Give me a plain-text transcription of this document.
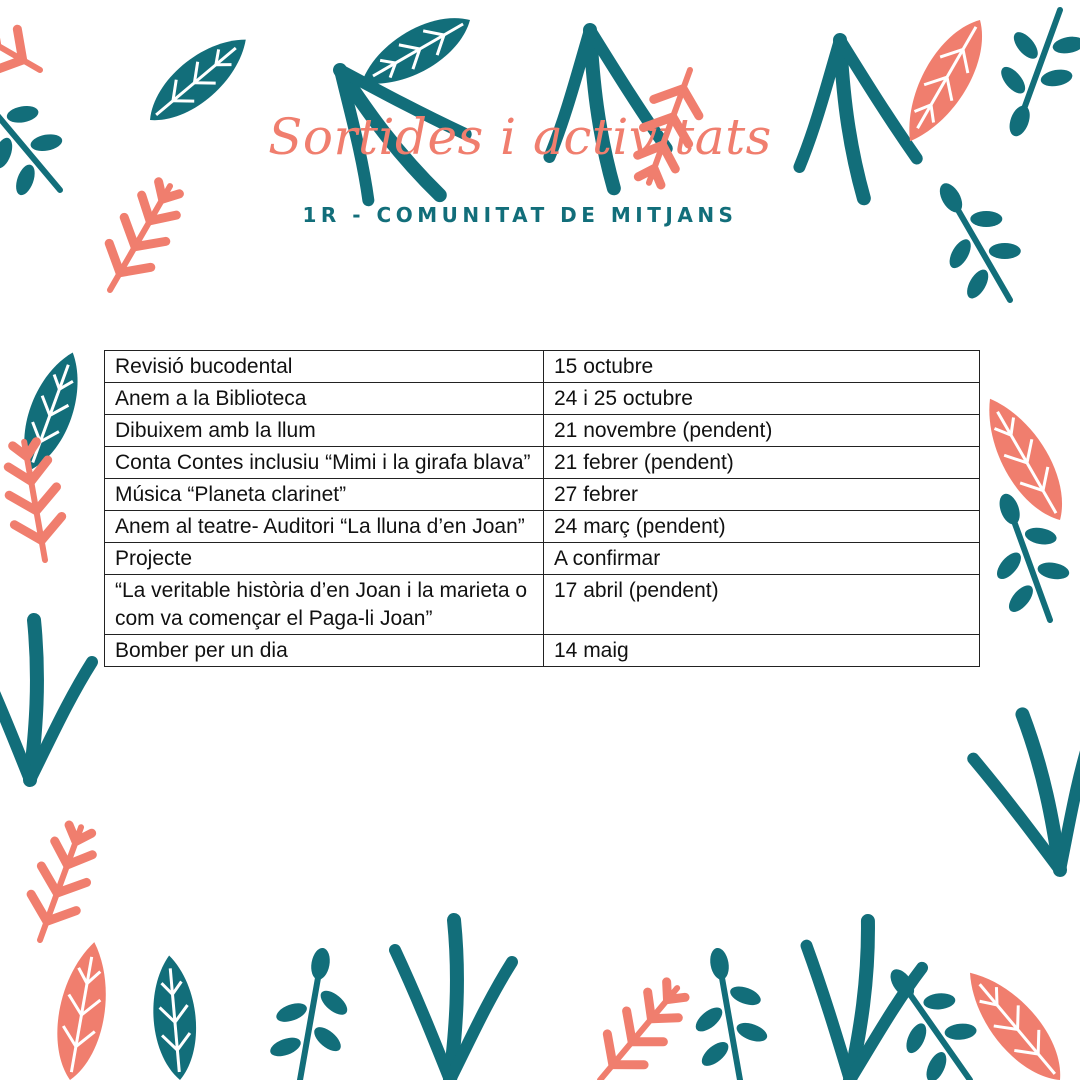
Sortides i activitats
1R - COMUNITAT DE MITJANS
Revisió bucodental	15 octubre
Anem a la Biblioteca	24 i 25 octubre
Dibuixem amb la llum	21 novembre (pendent)
Conta Contes inclusiu “Mimi i la girafa blava”	21 febrer (pendent)
Música “Planeta clarinet”	27 febrer
Anem al teatre- Auditori “La lluna d’en Joan”	24 març (pendent)
Projecte	A confirmar
“La veritable història d’en Joan i la marieta o com va començar el Paga-li Joan”	17 abril (pendent)
Bomber per un dia	14 maig
